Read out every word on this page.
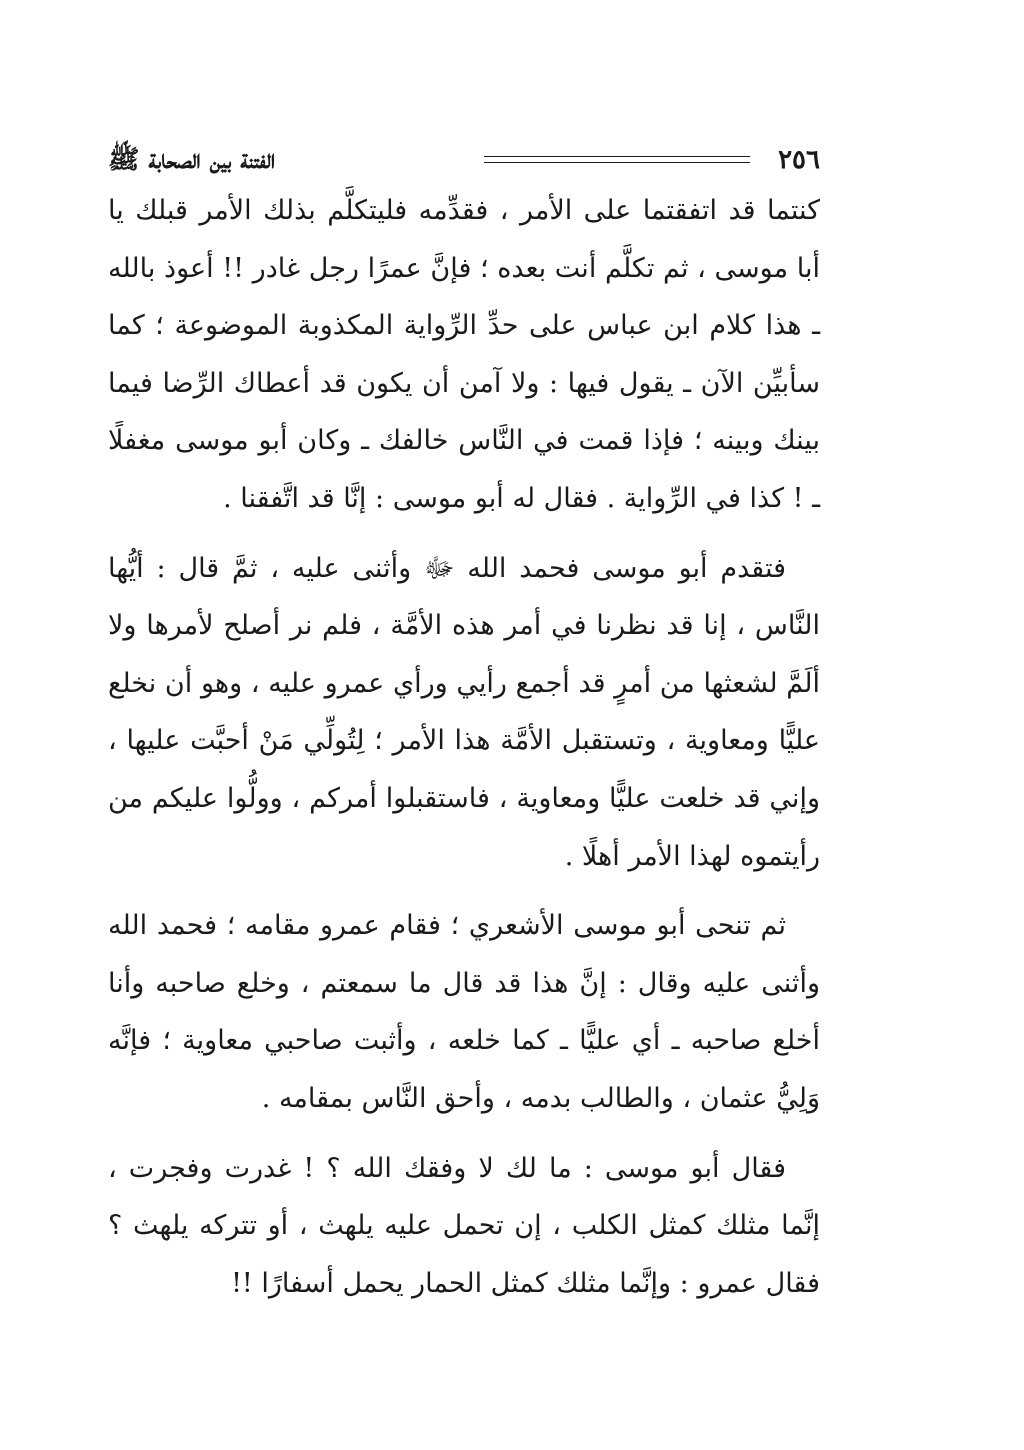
٢٥٦
الفتنة بين الصحابة ﷺ

كنتما قد اتفقتما على الأمر ، فقدِّمه فليتكلَّم بذلك الأمر قبلك يا أبا موسى ، ثم تكلَّم أنت بعده ؛ فإنَّ عمرًا رجل غادر !! أعوذ بالله ـ هذا كلام ابن عباس على حدِّ الرِّواية المكذوبة الموضوعة ؛ كما سأبيِّن الآن ـ يقول فيها : ولا آمن أن يكون قد أعطاك الرِّضا فيما بينك وبينه ؛ فإذا قمت في النَّاس خالفك ـ وكان أبو موسى مغفلًا ـ ! كذا في الرِّواية . فقال له أبو موسى : إنَّا قد اتَّفقنا .

فتقدم أبو موسى فحمد الله ﷻ وأثنى عليه ، ثمَّ قال : أيُّها النَّاس ، إنا قد نظرنا في أمر هذه الأمَّة ، فلم نر أصلح لأمرها ولا ألَمَّ لشعثها من أمرٍ قد أجمع رأيي ورأي عمرو عليه ، وهو أن نخلع عليًّا ومعاوية ، وتستقبل الأمَّة هذا الأمر ؛ لِتُولِّي مَنْ أحبَّت عليها ، وإني قد خلعت عليًّا ومعاوية ، فاستقبلوا أمركم ، وولُّوا عليكم من رأيتموه لهذا الأمر أهلًا .

ثم تنحى أبو موسى الأشعري ؛ فقام عمرو مقامه ؛ فحمد الله وأثنى عليه وقال : إنَّ هذا قد قال ما سمعتم ، وخلع صاحبه وأنا أخلع صاحبه ـ أي عليًّا ـ كما خلعه ، وأثبت صاحبي معاوية ؛ فإنَّه وَلِيُّ عثمان ، والطالب بدمه ، وأحق النَّاس بمقامه .

فقال أبو موسى : ما لك لا وفقك الله ؟ ! غدرت وفجرت ، إنَّما مثلك كمثل الكلب ، إن تحمل عليه يلهث ، أو تتركه يلهث ؟ فقال عمرو : وإنَّما مثلك كمثل الحمار يحمل أسفارًا !!
